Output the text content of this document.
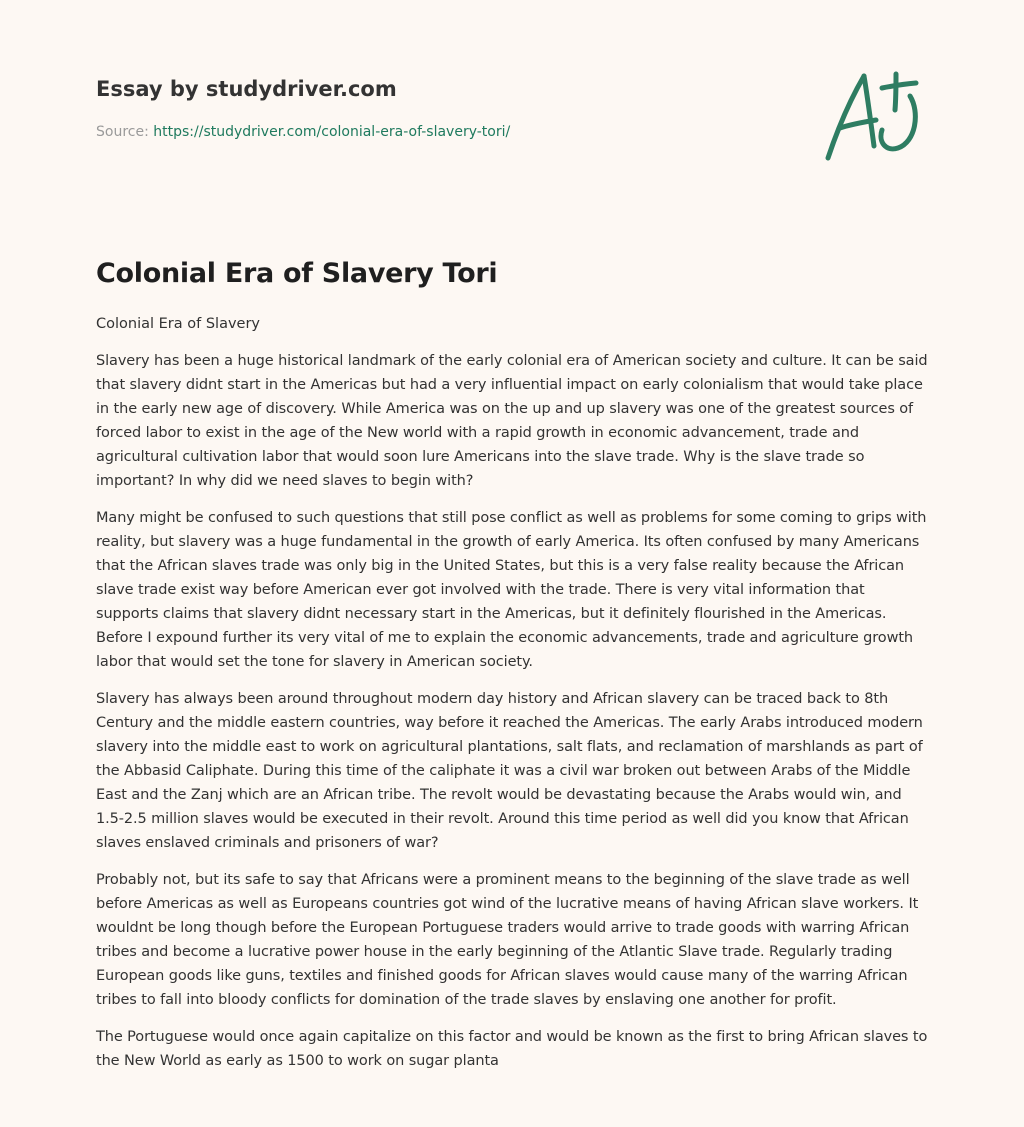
Essay by studydriver.com
Source: https://studydriver.com/colonial-era-of-slavery-tori/
Colonial Era of Slavery Tori

Colonial Era of Slavery

Slavery has been a huge historical landmark of the early colonial era of American society and culture. It can be said that slavery didnt start in the Americas but had a very influential impact on early colonialism that would take place in the early new age of discovery. While America was on the up and up slavery was one of the greatest sources of forced labor to exist in the age of the New world with a rapid growth in economic advancement, trade and agricultural cultivation labor that would soon lure Americans into the slave trade. Why is the slave trade so important? In why did we need slaves to begin with?

Many might be confused to such questions that still pose conflict as well as problems for some coming to grips with reality, but slavery was a huge fundamental in the growth of early America. Its often confused by many Americans that the African slaves trade was only big in the United States, but this is a very false reality because the African slave trade exist way before American ever got involved with the trade. There is very vital information that supports claims that slavery didnt necessary start in the Americas, but it definitely flourished in the Americas. Before I expound further its very vital of me to explain the economic advancements, trade and agriculture growth labor that would set the tone for slavery in American society.

Slavery has always been around throughout modern day history and African slavery can be traced back to 8th Century and the middle eastern countries, way before it reached the Americas. The early Arabs introduced modern slavery into the middle east to work on agricultural plantations, salt flats, and reclamation of marshlands as part of the Abbasid Caliphate. During this time of the caliphate it was a civil war broken out between Arabs of the Middle East and the Zanj which are an African tribe. The revolt would be devastating because the Arabs would win, and 1.5-2.5 million slaves would be executed in their revolt. Around this time period as well did you know that African slaves enslaved criminals and prisoners of war?

Probably not, but its safe to say that Africans were a prominent means to the beginning of the slave trade as well before Americas as well as Europeans countries got wind of the lucrative means of having African slave workers. It wouldnt be long though before the European Portuguese traders would arrive to trade goods with warring African tribes and become a lucrative power house in the early beginning of the Atlantic Slave trade. Regularly trading European goods like guns, textiles and finished goods for African slaves would cause many of the warring African tribes to fall into bloody conflicts for domination of the trade slaves by enslaving one another for profit.

The Portuguese would once again capitalize on this factor and would be known as the first to bring African slaves to the New World as early as 1500 to work on sugar planta
